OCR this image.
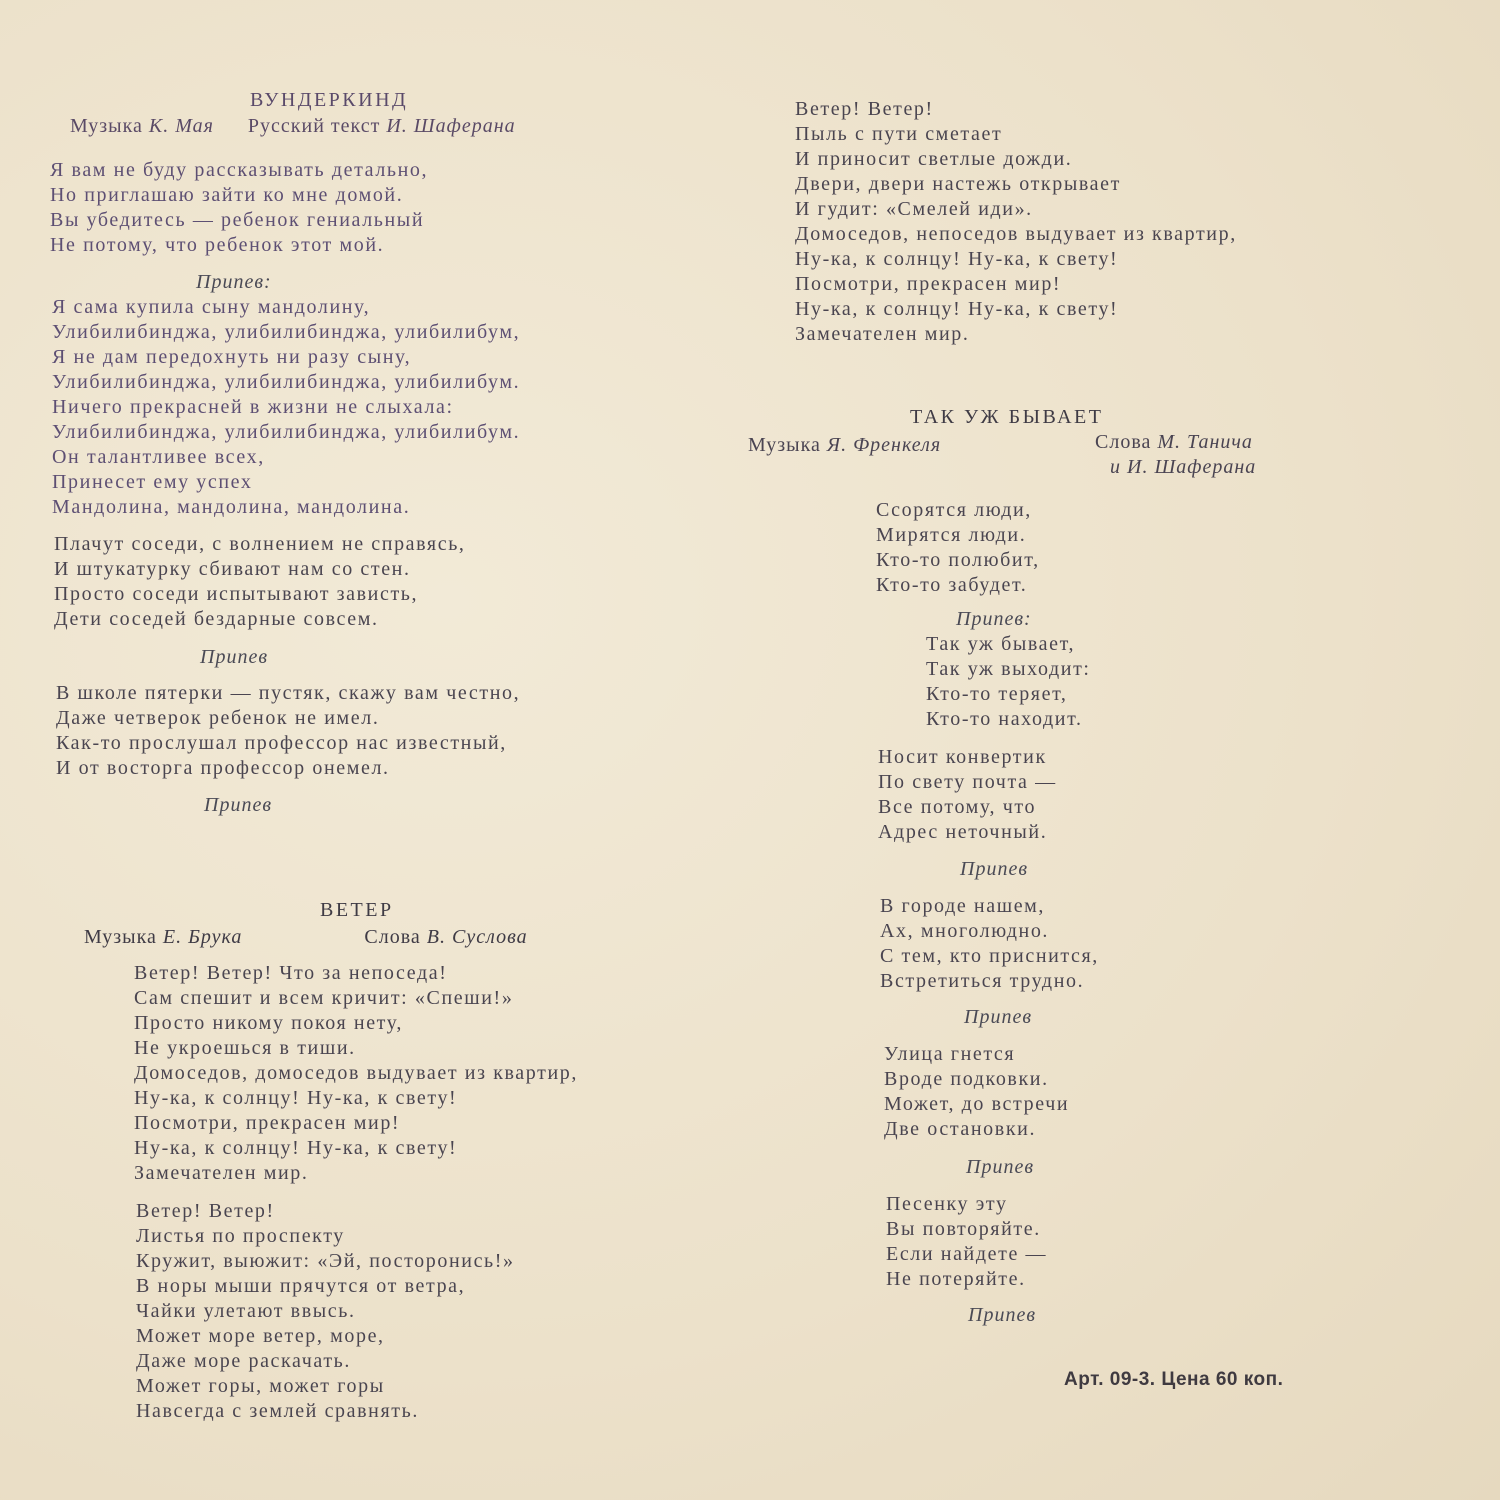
ВУНДЕРКИНД
Музыка К. Мая Русский текст И. Шаферана
Я вам не буду рассказывать детально,
Но приглашаю зайти ко мне домой.
Вы убедитесь — ребенок гениальный
Не потому, что ребенок этот мой.
Припев:
Я сама купила сыну мандолину,
Улибилибинджа, улибилибинджа, улибилибум,
Я не дам передохнуть ни разу сыну,
Улибилибинджа, улибилибинджа, улибилибум.
Ничего прекрасней в жизни не слыхала:
Улибилибинджа, улибилибинджа, улибилибум.
Он талантливее всех,
Принесет ему успех
Мандолина, мандолина, мандолина.
Плачут соседи, с волнением не справясь,
И штукатурку сбивают нам со стен.
Просто соседи испытывают зависть,
Дети соседей бездарные совсем.
Припев
В школе пятерки — пустяк, скажу вам честно,
Даже четверок ребенок не имел.
Как-то прослушал профессор нас известный,
И от восторга профессор онемел.
Припев
ВЕТЕР
Музыка Е. Брука	Слова В. Суслова
Ветер! Ветер! Что за непоседа!
Сам спешит и всем кричит: «Спеши!»
Просто никому покоя нету,
Не укроешься в тиши.
Домоседов, домоседов выдувает из квартир,
Ну-ка, к солнцу! Ну-ка, к свету!
Посмотри, прекрасен мир!
Ну-ка, к солнцу! Ну-ка, к свету!
Замечателен мир.
Ветер! Ветер!
Листья по проспекту
Кружит, выюжит: «Эй, посторонись!»
В норы мыши прячутся от ветра,
Чайки улетают ввысь.
Может море ветер, море,
Даже море раскачать.
Может горы, может горы
Навсегда с землей сравнять.
Ветер! Ветер!
Пыль с пути сметает
И приносит светлые дожди.
Двери, двери настежь открывает
И гудит: «Смелей иди».
Домоседов, непоседов выдувает из квартир,
Ну-ка, к солнцу! Ну-ка, к свету!
Посмотри, прекрасен мир!
Ну-ка, к солнцу! Ну-ка, к свету!
Замечателен мир.
ТАК УЖ БЫВАЕТ
Музыка Я. Френкеля	Слова М. Танича
и И. Шаферана
Ссорятся люди,
Мирятся люди.
Кто-то полюбит,
Кто-то забудет.
Припев:
Так уж бывает,
Так уж выходит:
Кто-то теряет,
Кто-то находит.
Носит конвертик
По свету почта —
Все потому, что
Адрес неточный.
Припев
В городе нашем,
Ах, многолюдно.
С тем, кто приснится,
Встретиться трудно.
Припев
Улица гнется
Вроде подковки.
Может, до встречи
Две остановки.
Припев
Песенку эту
Вы повторяйте.
Если найдете —
Не потеряйте.
Припев
Арт. 09-3. Цена 60 коп.
